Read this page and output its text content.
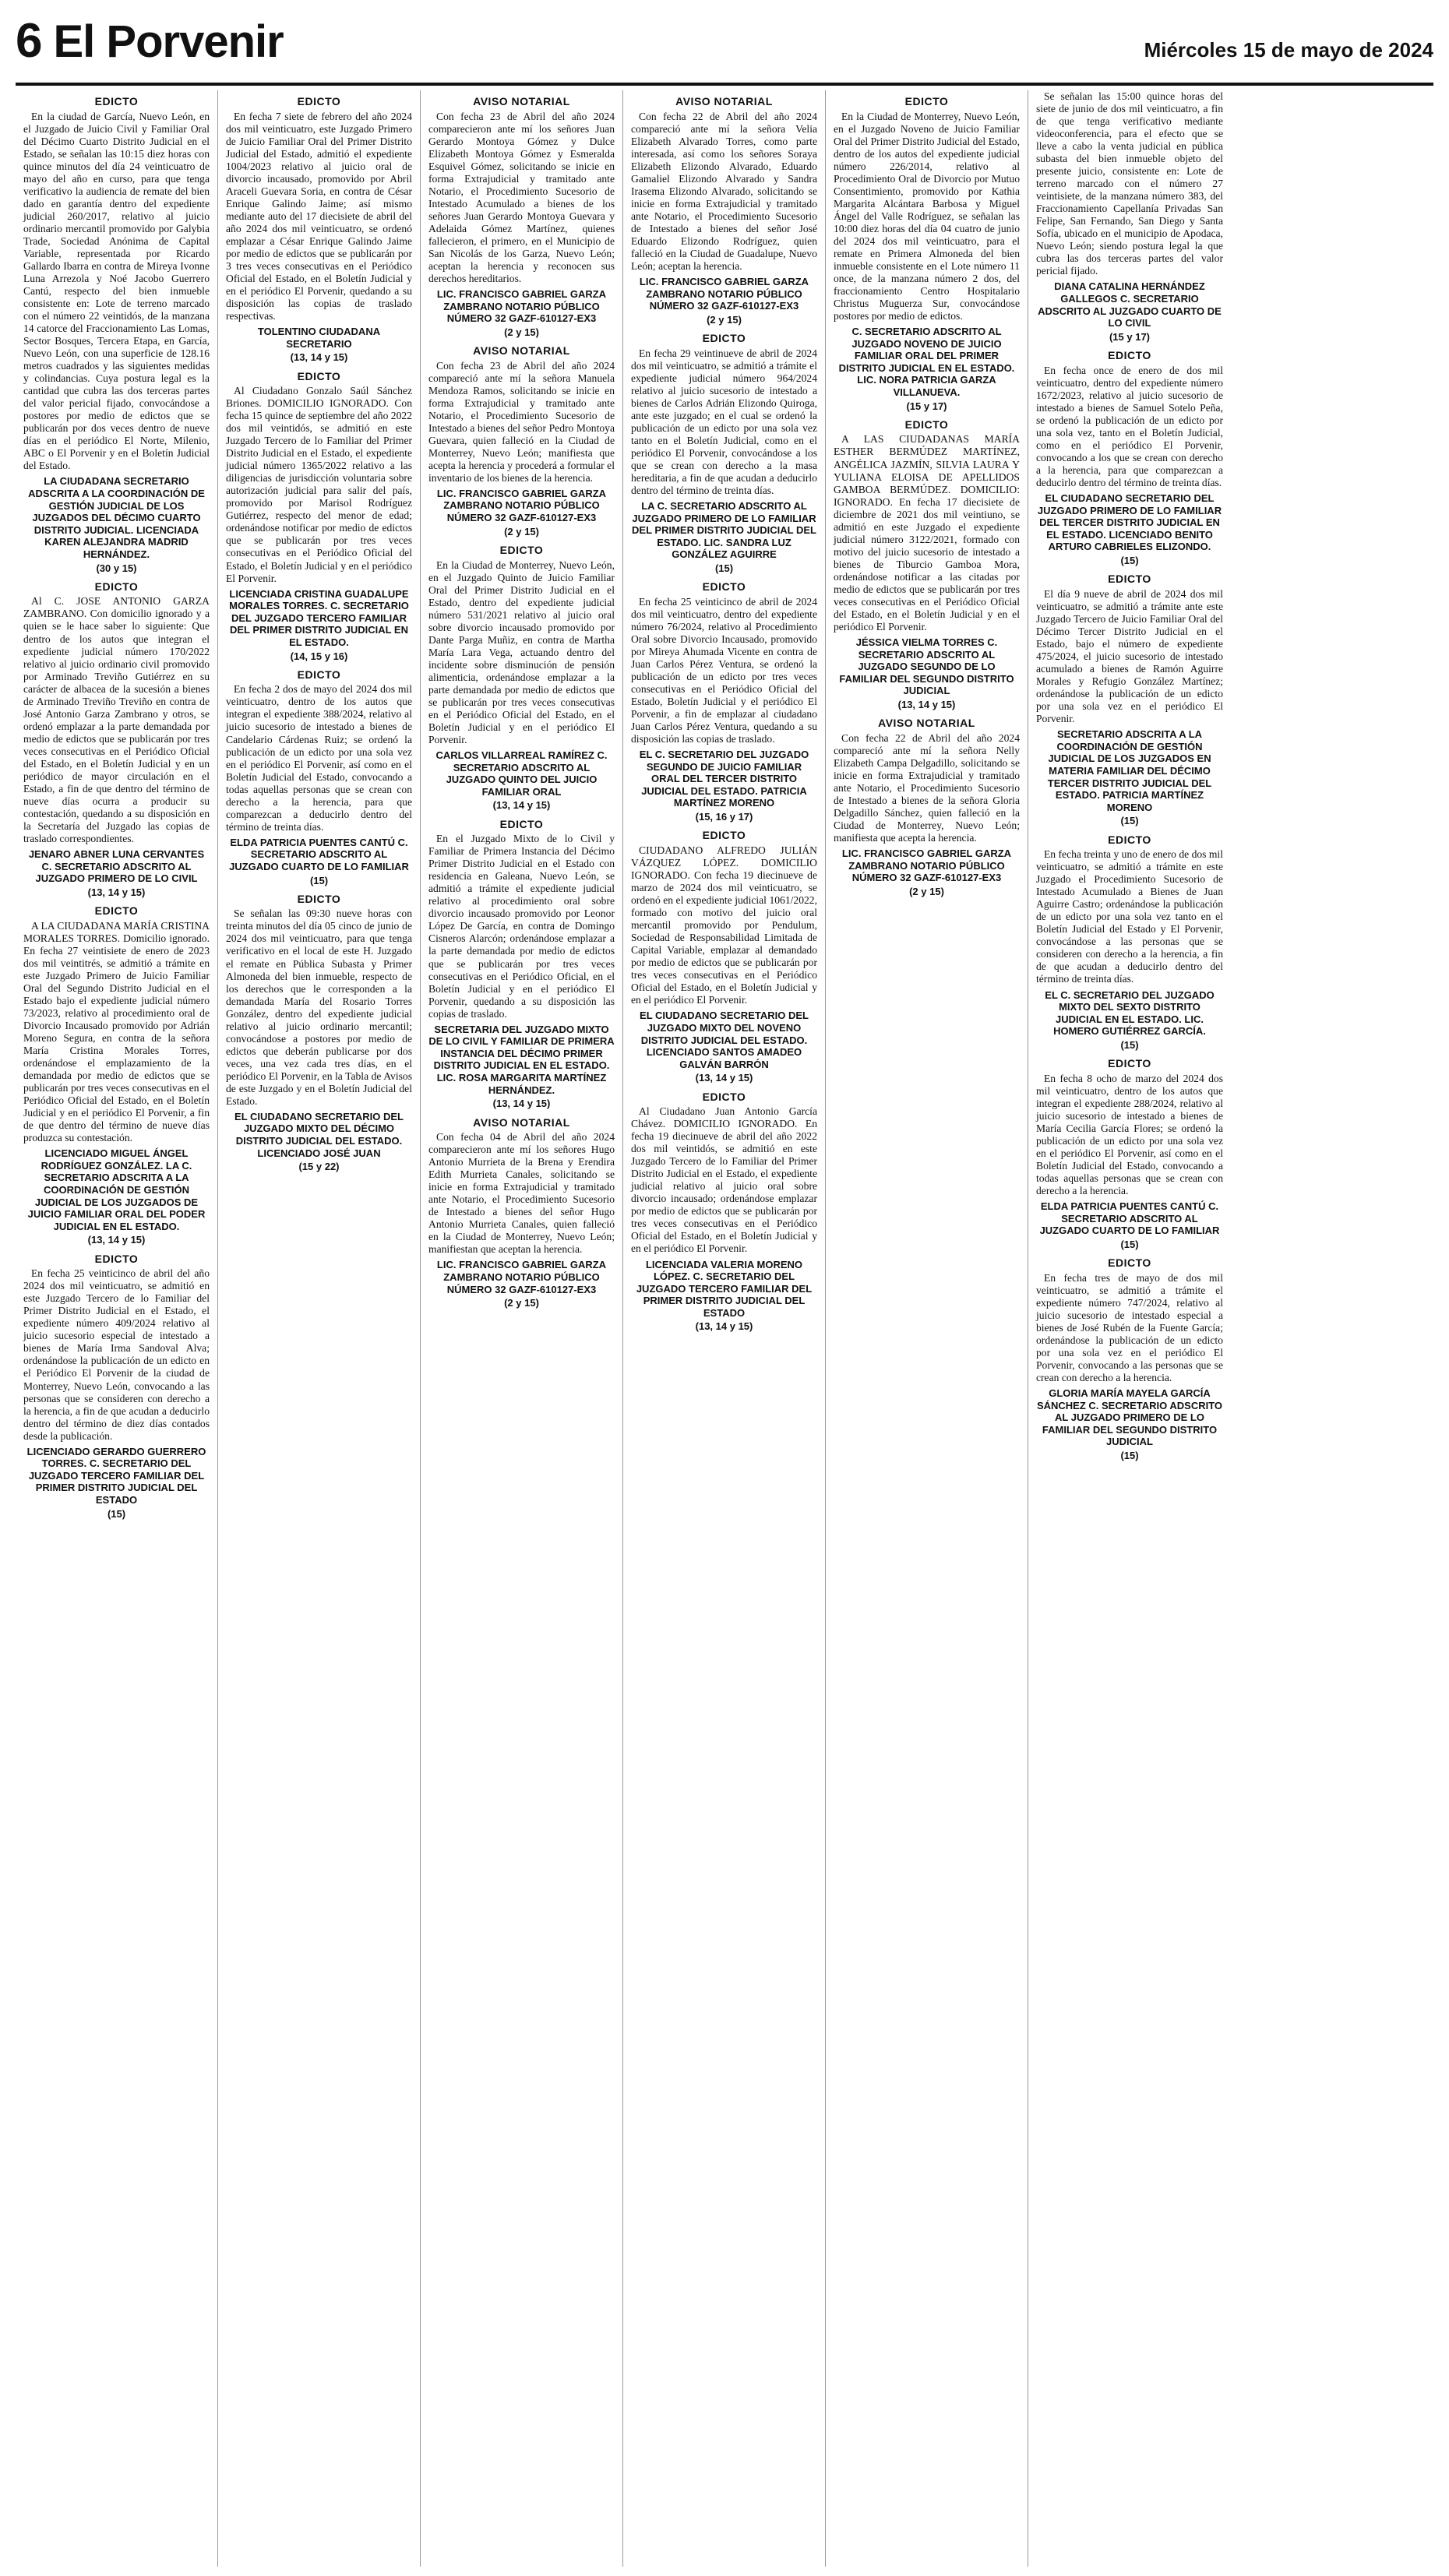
6 El Porvenir	Miércoles 15 de mayo de 2024
EDICTO

En la ciudad de García, Nuevo León, en el Juzgado de Juicio Civil y Familiar Oral del Décimo Cuarto Distrito Judicial en el Estado, se señalan las 10:15 diez horas con quince minutos del día 24 veinticuatro de mayo del año en curso, para que tenga verificativo la audiencia de remate del bien dado en garantía dentro del expediente judicial 260/2017, relativo al juicio ordinario mercantil promovido por Galybia Trade, Sociedad Anónima de Capital Variable, representada por Ricardo Gallardo Ibarra en contra de Mireya Ivonne Luna Arrezola y Noé Jacobo Guerrero Cantú, respecto del bien inmueble consistente en: Lote de terreno marcado con el número 22 veintidós, de la manzana 14 catorce del Fraccionamiento Las Lomas, Sector Bosques, Tercera Etapa, en García, Nuevo León, con una superficie de 128.16 metros cuadrados y las siguientes medidas y colindancias. Cuya postura legal es la cantidad que cubra las dos terceras partes del valor pericial fijado, convocándose a postores por medio de edictos que se publicarán por dos veces dentro de nueve días en el periódico El Norte, Milenio, ABC o El Porvenir y en el Boletín Judicial del Estado.

LA CIUDADANA SECRETARIO ADSCRITA A LA COORDINACIÓN DE GESTIÓN JUDICIAL DE LOS JUZGADOS DEL DÉCIMO CUARTO DISTRITO JUDICIAL. LICENCIADA KAREN ALEJANDRA MADRID HERNÁNDEZ.
(30 y 15)
EDICTO

Al C. JOSE ANTONIO GARZA ZAMBRANO. Con domicilio ignorado y a quien se le hace saber lo siguiente: Que dentro de los autos que integran el expediente judicial número 170/2022 relativo al juicio ordinario civil promovido por Arminado Treviño Gutiérrez en su carácter de albacea de la sucesión a bienes de Arminado Treviño Treviño en contra de José Antonio Garza Zambrano y otros, se ordenó emplazar a la parte demandada por medio de edictos que se publicarán por tres veces consecutivas en el Periódico Oficial del Estado, en el Boletín Judicial y en un periódico de mayor circulación en el Estado, a fin de que dentro del término de nueve días ocurra a producir su contestación, quedando a su disposición en la Secretaría del Juzgado las copias de traslado correspondientes.

JENARO ABNER LUNA CERVANTES C. SECRETARIO ADSCRITO AL JUZGADO PRIMERO DE LO CIVIL
(13, 14 y 15)
EDICTO

A LA CIUDADANA MARÍA CRISTINA MORALES TORRES. Domicilio ignorado. En fecha 27 veintisiete de enero de 2023 dos mil veintitrés, se admitió a trámite en este Juzgado Primero de Juicio Familiar Oral del Segundo Distrito Judicial en el Estado bajo el expediente judicial número 73/2023, relativo al procedimiento oral de Divorcio Incausado promovido por Adrián Moreno Segura, en contra de la señora María Cristina Morales Torres, ordenándose el emplazamiento de la demandada por medio de edictos que se publicarán por tres veces consecutivas en el Periódico Oficial del Estado, en el Boletín Judicial y en el periódico El Porvenir, a fin de que dentro del término de nueve días produzca su contestación.

LICENCIADO MIGUEL ÁNGEL RODRÍGUEZ GONZÁLEZ. LA C. SECRETARIO ADSCRITA A LA COORDINACIÓN DE GESTIÓN JUDICIAL DE LOS JUZGADOS DE JUICIO FAMILIAR ORAL DEL PODER JUDICIAL EN EL ESTADO.
(13, 14 y 15)
EDICTO

En fecha 25 veinticinco de abril del año 2024 dos mil veinticuatro, se admitió en este Juzgado Tercero de lo Familiar del Primer Distrito Judicial en el Estado, el expediente número 409/2024 relativo al juicio sucesorio especial de intestado a bienes de María Irma Sandoval Alva; ordenándose la publicación de un edicto en el Periódico El Porvenir de la ciudad de Monterrey, Nuevo León, convocando a las personas que se consideren con derecho a la herencia, a fin de que acudan a deducirlo dentro del término de diez días contados desde la publicación.

LICENCIADO GERARDO GUERRERO TORRES. C. SECRETARIO DEL JUZGADO TERCERO FAMILIAR DEL PRIMER DISTRITO JUDICIAL DEL ESTADO
(15)
EDICTO

En fecha 7 siete de febrero del año 2024 dos mil veinticuatro, este Juzgado Primero de Juicio Familiar Oral del Primer Distrito Judicial del Estado, admitió el expediente 1004/2023 relativo al juicio oral de divorcio incausado, promovido por Abril Araceli Guevara Soria, en contra de César Enrique Galindo Jaime; así mismo mediante auto del 17 diecisiete de abril del año 2024 dos mil veinticuatro, se ordenó emplazar a César Enrique Galindo Jaime por medio de edictos que se publicarán por 3 tres veces consecutivas en el Periódico Oficial del Estado, en el Boletín Judicial y en el periódico El Porvenir, quedando a su disposición las copias de traslado respectivas.

TOLENTINO CIUDADANA SECRETARIO
(13, 14 y 15)
EDICTO

Al Ciudadano Gonzalo Saúl Sánchez Briones. DOMICILIO IGNORADO. Con fecha 15 quince de septiembre del año 2022 dos mil veintidós, se admitió en este Juzgado Tercero de lo Familiar del Primer Distrito Judicial en el Estado, el expediente judicial número 1365/2022 relativo a las diligencias de jurisdicción voluntaria sobre autorización judicial para salir del país, promovido por Marisol Rodríguez Gutiérrez, respecto del menor de edad; ordenándose notificar por medio de edictos que se publicarán por tres veces consecutivas en el Periódico Oficial del Estado, el Boletín Judicial y en el periódico El Porvenir.

LICENCIADA CRISTINA GUADALUPE MORALES TORRES. C. SECRETARIO DEL JUZGADO TERCERO FAMILIAR DEL PRIMER DISTRITO JUDICIAL EN EL ESTADO.
(14, 15 y 16)
EDICTO

En fecha 2 dos de mayo del 2024 dos mil veinticuatro, dentro de los autos que integran el expediente 388/2024, relativo al juicio sucesorio de intestado a bienes de Candelario Cárdenas Ruiz; se ordenó la publicación de un edicto por una sola vez en el periódico El Porvenir, así como en el Boletín Judicial del Estado, convocando a todas aquellas personas que se crean con derecho a la herencia, para que comparezcan a deducirlo dentro del término de treinta días.

ELDA PATRICIA PUENTES CANTÚ C. SECRETARIO ADSCRITO AL JUZGADO CUARTO DE LO FAMILIAR
(15)
EDICTO

Se señalan las 09:30 nueve horas con treinta minutos del día 05 cinco de junio de 2024 dos mil veinticuatro, para que tenga verificativo en el local de este H. Juzgado el remate en Pública Subasta y Primer Almoneda del bien inmueble, respecto de los derechos que le corresponden a la demandada María del Rosario Torres González, dentro del expediente judicial relativo al juicio ordinario mercantil; convocándose a postores por medio de edictos que deberán publicarse por dos veces, una vez cada tres días, en el periódico El Porvenir, en la Tabla de Avisos de este Juzgado y en el Boletín Judicial del Estado.

EL CIUDADANO SECRETARIO DEL JUZGADO MIXTO DEL DÉCIMO DISTRITO JUDICIAL DEL ESTADO. LICENCIADO JOSÉ JUAN
(15 y 22)
AVISO NOTARIAL

Con fecha 23 de Abril del año 2024 comparecieron ante mí los señores Juan Gerardo Montoya Gómez y Dulce Elizabeth Montoya Gómez y Esmeralda Esquivel Gómez, solicitando se inicie en forma Extrajudicial y tramitado ante Notario, el Procedimiento Sucesorio de Intestado Acumulado a bienes de los señores Juan Gerardo Montoya Guevara y Adelaida Gómez Martínez, quienes fallecieron, el primero, en el Municipio de San Nicolás de los Garza, Nuevo León; aceptan la herencia y reconocen sus derechos hereditarios.

LIC. FRANCISCO GABRIEL GARZA ZAMBRANO NOTARIO PÚBLICO NÚMERO 32 GAZF-610127-EX3
(2 y 15)
AVISO NOTARIAL

Con fecha 23 de Abril del año 2024 compareció ante mí la señora Manuela Mendoza Ramos, solicitando se inicie en forma Extrajudicial y tramitado ante Notario, el Procedimiento Sucesorio de Intestado a bienes del señor Pedro Montoya Guevara, quien falleció en la Ciudad de Monterrey, Nuevo León; manifiesta que acepta la herencia y procederá a formular el inventario de los bienes de la herencia.

LIC. FRANCISCO GABRIEL GARZA ZAMBRANO NOTARIO PÚBLICO NÚMERO 32 GAZF-610127-EX3
(2 y 15)
EDICTO

En la Ciudad de Monterrey, Nuevo León, en el Juzgado Quinto de Juicio Familiar Oral del Primer Distrito Judicial en el Estado, dentro del expediente judicial número 531/2021 relativo al juicio oral sobre divorcio incausado promovido por Dante Parga Muñiz, en contra de Martha María Lara Vega, actuando dentro del incidente sobre disminución de pensión alimenticia, ordenándose emplazar a la parte demandada por medio de edictos que se publicarán por tres veces consecutivas en el Periódico Oficial del Estado, en el Boletín Judicial y en el periódico El Porvenir.

CARLOS VILLARREAL RAMÍREZ C. SECRETARIO ADSCRITO AL JUZGADO QUINTO DEL JUICIO FAMILIAR ORAL
(13, 14 y 15)
EDICTO

En el Juzgado Mixto de lo Civil y Familiar de Primera Instancia del Décimo Primer Distrito Judicial en el Estado con residencia en Galeana, Nuevo León, se admitió a trámite el expediente judicial relativo al procedimiento oral sobre divorcio incausado promovido por Leonor López De García, en contra de Domingo Cisneros Alarcón; ordenándose emplazar a la parte demandada por medio de edictos que se publicarán por tres veces consecutivas en el Periódico Oficial, en el Boletín Judicial y en el periódico El Porvenir, quedando a su disposición las copias de traslado.

SECRETARIA DEL JUZGADO MIXTO DE LO CIVIL Y FAMILIAR DE PRIMERA INSTANCIA DEL DÉCIMO PRIMER DISTRITO JUDICIAL EN EL ESTADO. LIC. ROSA MARGARITA MARTÍNEZ HERNÁNDEZ.
(13, 14 y 15)
AVISO NOTARIAL

Con fecha 04 de Abril del año 2024 comparecieron ante mí los señores Hugo Antonio Murrieta de la Brena y Erendira Edith Murrieta Canales, solicitando se inicie en forma Extrajudicial y tramitado ante Notario, el Procedimiento Sucesorio de Intestado a bienes del señor Hugo Antonio Murrieta Canales, quien falleció en la Ciudad de Monterrey, Nuevo León; manifiestan que aceptan la herencia.

LIC. FRANCISCO GABRIEL GARZA ZAMBRANO NOTARIO PÚBLICO NÚMERO 32 GAZF-610127-EX3
(2 y 15)
AVISO NOTARIAL

Con fecha 22 de Abril del año 2024 compareció ante mí la señora Velia Elizabeth Alvarado Torres, como parte interesada, así como los señores Soraya Elizabeth Elizondo Alvarado, Eduardo Gamaliel Elizondo Alvarado y Sandra Irasema Elizondo Alvarado, solicitando se inicie en forma Extrajudicial y tramitado ante Notario, el Procedimiento Sucesorio de Intestado a bienes del señor José Eduardo Elizondo Rodríguez, quien falleció en la Ciudad de Guadalupe, Nuevo León; aceptan la herencia.

LIC. FRANCISCO GABRIEL GARZA ZAMBRANO NOTARIO PÚBLICO NÚMERO 32 GAZF-610127-EX3
(2 y 15)
EDICTO

En fecha 29 veintinueve de abril de 2024 dos mil veinticuatro, se admitió a trámite el expediente judicial número 964/2024 relativo al juicio sucesorio de intestado a bienes de Carlos Adrián Elizondo Quiroga, ante este juzgado; en el cual se ordenó la publicación de un edicto por una sola vez tanto en el Boletín Judicial, como en el periódico El Porvenir, convocándose a los que se crean con derecho a la masa hereditaria, a fin de que acudan a deducirlo dentro del término de treinta días.

LA C. SECRETARIO ADSCRITO AL JUZGADO PRIMERO DE LO FAMILIAR DEL PRIMER DISTRITO JUDICIAL DEL ESTADO. LIC. SANDRA LUZ GONZÁLEZ AGUIRRE
(15)
EDICTO

En fecha 25 veinticinco de abril de 2024 dos mil veinticuatro, dentro del expediente número 76/2024, relativo al Procedimiento Oral sobre Divorcio Incausado, promovido por Mireya Ahumada Vicente en contra de Juan Carlos Pérez Ventura, se ordenó la publicación de un edicto por tres veces consecutivas en el Periódico Oficial del Estado, Boletín Judicial y el periódico El Porvenir, a fin de emplazar al ciudadano Juan Carlos Pérez Ventura, quedando a su disposición las copias de traslado.

EL C. SECRETARIO DEL JUZGADO SEGUNDO DE JUICIO FAMILIAR ORAL DEL TERCER DISTRITO JUDICIAL DEL ESTADO. PATRICIA MARTÍNEZ MORENO
(15, 16 y 17)
EDICTO

CIUDADANO ALFREDO JULIÁN VÁZQUEZ LÓPEZ. DOMICILIO IGNORADO. Con fecha 19 diecinueve de marzo de 2024 dos mil veinticuatro, se ordenó en el expediente judicial 1061/2022, formado con motivo del juicio oral mercantil promovido por Pendulum, Sociedad de Responsabilidad Limitada de Capital Variable, emplazar al demandado por medio de edictos que se publicarán por tres veces consecutivas en el Periódico Oficial del Estado, en el Boletín Judicial y en el periódico El Porvenir.

EL CIUDADANO SECRETARIO DEL JUZGADO MIXTO DEL NOVENO DISTRITO JUDICIAL DEL ESTADO. LICENCIADO SANTOS AMADEO GALVÁN BARRÓN
(13, 14 y 15)
EDICTO

Al Ciudadano Juan Antonio García Chávez. DOMICILIO IGNORADO. En fecha 19 diecinueve de abril del año 2022 dos mil veintidós, se admitió en este Juzgado Tercero de lo Familiar del Primer Distrito Judicial en el Estado, el expediente judicial relativo al juicio oral sobre divorcio incausado; ordenándose emplazar por medio de edictos que se publicarán por tres veces consecutivas en el Periódico Oficial del Estado, en el Boletín Judicial y en el periódico El Porvenir.

LICENCIADA VALERIA MORENO LÓPEZ. C. SECRETARIO DEL JUZGADO TERCERO FAMILIAR DEL PRIMER DISTRITO JUDICIAL DEL ESTADO
(13, 14 y 15)
EDICTO

En la Ciudad de Monterrey, Nuevo León, en el Juzgado Noveno de Juicio Familiar Oral del Primer Distrito Judicial del Estado, dentro de los autos del expediente judicial número 226/2014, relativo al Procedimiento Oral de Divorcio por Mutuo Consentimiento, promovido por Kathia Margarita Alcántara Barbosa y Miguel Ángel del Valle Rodríguez, se señalan las 10:00 diez horas del día 04 cuatro de junio del 2024 dos mil veinticuatro, para el remate en Primera Almoneda del bien inmueble consistente en el Lote número 11 once, de la manzana número 2 dos, del fraccionamiento Centro Hospitalario Christus Muguerza Sur, convocándose postores por medio de edictos.

C. SECRETARIO ADSCRITO AL JUZGADO NOVENO DE JUICIO FAMILIAR ORAL DEL PRIMER DISTRITO JUDICIAL EN EL ESTADO. LIC. NORA PATRICIA GARZA VILLANUEVA.
(15 y 17)
EDICTO

A LAS CIUDADANAS MARÍA ESTHER BERMÚDEZ MARTÍNEZ, ANGÉLICA JAZMÍN, SILVIA LAURA Y YULIANA ELOISA DE APELLIDOS GAMBOA BERMÚDEZ. DOMICILIO: IGNORADO. En fecha 17 diecisiete de diciembre de 2021 dos mil veintiuno, se admitió en este Juzgado el expediente judicial número 3122/2021, formado con motivo del juicio sucesorio de intestado a bienes de Tiburcio Gamboa Mora, ordenándose notificar a las citadas por medio de edictos que se publicarán por tres veces consecutivas en el Periódico Oficial del Estado, en el Boletín Judicial y en el periódico El Porvenir.

JÉSSICA VIELMA TORRES C. SECRETARIO ADSCRITO AL JUZGADO SEGUNDO DE LO FAMILIAR DEL SEGUNDO DISTRITO JUDICIAL
(13, 14 y 15)
AVISO NOTARIAL

Con fecha 22 de Abril del año 2024 compareció ante mí la señora Nelly Elizabeth Campa Delgadillo, solicitando se inicie en forma Extrajudicial y tramitado ante Notario, el Procedimiento Sucesorio de Intestado a bienes de la señora Gloria Delgadillo Sánchez, quien falleció en la Ciudad de Monterrey, Nuevo León; manifiesta que acepta la herencia.

LIC. FRANCISCO GABRIEL GARZA ZAMBRANO NOTARIO PÚBLICO NÚMERO 32 GAZF-610127-EX3
(2 y 15)

Se señalan las 15:00 quince horas del siete de junio de dos mil veinticuatro, a fin de que tenga verificativo mediante videoconferencia, para el efecto que se lleve a cabo la venta judicial en pública subasta del bien inmueble objeto del presente juicio, consistente en: Lote de terreno marcado con el número 27 veintisiete, de la manzana número 383, del Fraccionamiento Capellanía Privadas San Felipe, San Fernando, San Diego y Santa Sofía, ubicado en el municipio de Apodaca, Nuevo León; siendo postura legal la que cubra las dos terceras partes del valor pericial fijado.

DIANA CATALINA HERNÁNDEZ GALLEGOS C. SECRETARIO ADSCRITO AL JUZGADO CUARTO DE LO CIVIL
(15 y 17)
EDICTO

En fecha once de enero de dos mil veinticuatro, dentro del expediente número 1672/2023, relativo al juicio sucesorio de intestado a bienes de Samuel Sotelo Peña, se ordenó la publicación de un edicto por una sola vez, tanto en el Boletín Judicial, como en el periódico El Porvenir, convocando a los que se crean con derecho a la herencia, para que comparezcan a deducirlo dentro del término de treinta días.

EL CIUDADANO SECRETARIO DEL JUZGADO PRIMERO DE LO FAMILIAR DEL TERCER DISTRITO JUDICIAL EN EL ESTADO. LICENCIADO BENITO ARTURO CABRIELES ELIZONDO.
(15)
EDICTO

El día 9 nueve de abril de 2024 dos mil veinticuatro, se admitió a trámite ante este Juzgado Tercero de Juicio Familiar Oral del Décimo Tercer Distrito Judicial en el Estado, bajo el número de expediente 475/2024, el juicio sucesorio de intestado acumulado a bienes de Ramón Aguirre Morales y Refugio González Martínez; ordenándose la publicación de un edicto por una sola vez en el periódico El Porvenir.

SECRETARIO ADSCRITA A LA COORDINACIÓN DE GESTIÓN JUDICIAL DE LOS JUZGADOS EN MATERIA FAMILIAR DEL DÉCIMO TERCER DISTRITO JUDICIAL DEL ESTADO. PATRICIA MARTÍNEZ MORENO
(15)
EDICTO

En fecha treinta y uno de enero de dos mil veinticuatro, se admitió a trámite en este Juzgado el Procedimiento Sucesorio de Intestado Acumulado a Bienes de Juan Aguirre Castro; ordenándose la publicación de un edicto por una sola vez tanto en el Boletín Judicial del Estado y El Porvenir, convocándose a las personas que se consideren con derecho a la herencia, a fin de que acudan a deducirlo dentro del término de treinta días.

EL C. SECRETARIO DEL JUZGADO MIXTO DEL SEXTO DISTRITO JUDICIAL EN EL ESTADO. LIC. HOMERO GUTIÉRREZ GARCÍA.
(15)
EDICTO

En fecha 8 ocho de marzo del 2024 dos mil veinticuatro, dentro de los autos que integran el expediente 288/2024, relativo al juicio sucesorio de intestado a bienes de María Cecilia García Flores; se ordenó la publicación de un edicto por una sola vez en el periódico El Porvenir, así como en el Boletín Judicial del Estado, convocando a todas aquellas personas que se crean con derecho a la herencia.

ELDA PATRICIA PUENTES CANTÚ C. SECRETARIO ADSCRITO AL JUZGADO CUARTO DE LO FAMILIAR
(15)
EDICTO

En fecha tres de mayo de dos mil veinticuatro, se admitió a trámite el expediente número 747/2024, relativo al juicio sucesorio de intestado especial a bienes de José Rubén de la Fuente García; ordenándose la publicación de un edicto por una sola vez en el periódico El Porvenir, convocando a las personas que se crean con derecho a la herencia.

GLORIA MARÍA MAYELA GARCÍA SÁNCHEZ C. SECRETARIO ADSCRITO AL JUZGADO PRIMERO DE LO FAMILIAR DEL SEGUNDO DISTRITO JUDICIAL
(15)
